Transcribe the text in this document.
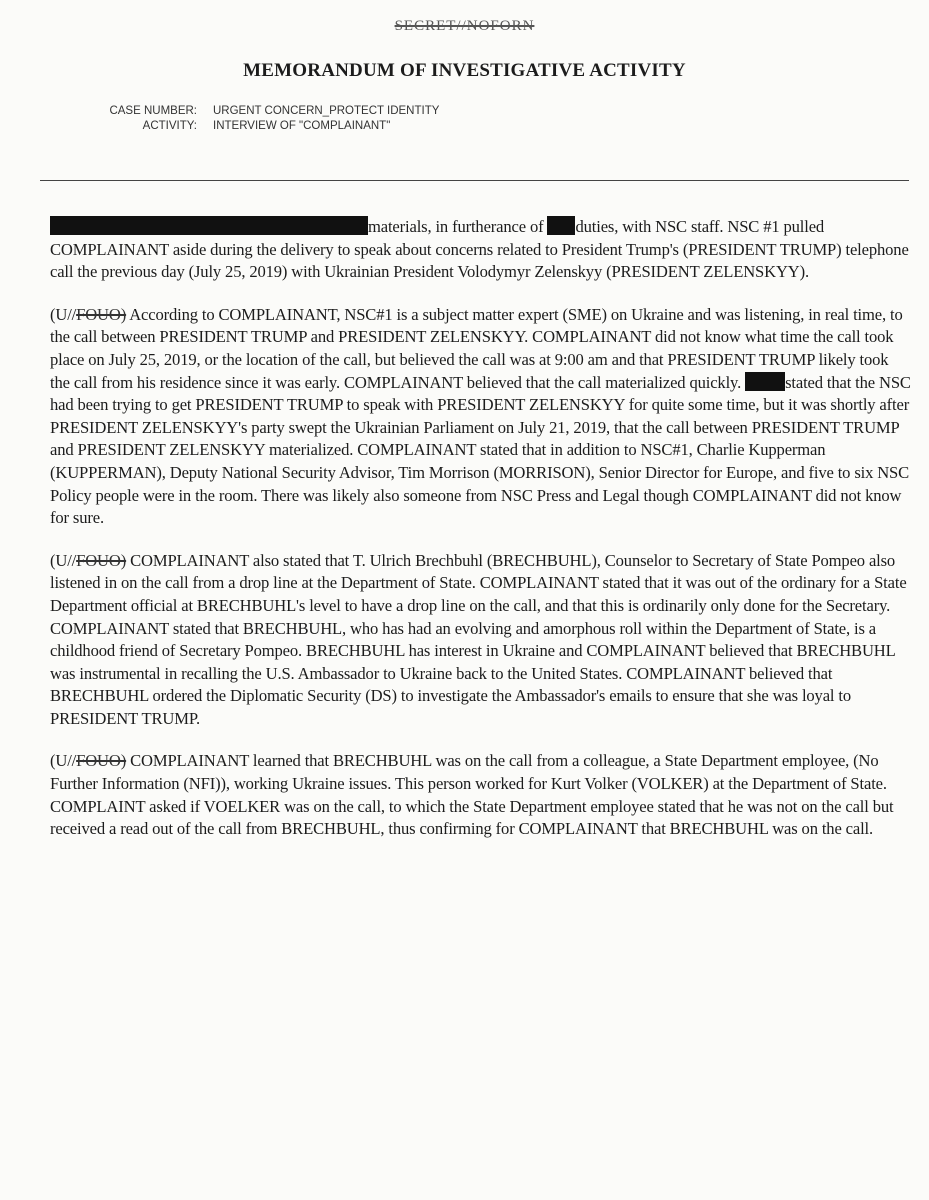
SECRET//NOFORN
MEMORANDUM OF INVESTIGATIVE ACTIVITY
CASE NUMBER:	URGENT CONCERN_PROTECT IDENTITY
ACTIVITY:	INTERVIEW OF "COMPLAINANT"

materials, in furtherance of duties, with NSC staff. NSC #1 pulled COMPLAINANT aside during the delivery to speak about concerns related to President Trump's (PRESIDENT TRUMP) telephone call the previous day (July 25, 2019) with Ukrainian President Volodymyr Zelenskyy (PRESIDENT ZELENSKYY).

(U//FOUO) According to COMPLAINANT, NSC#1 is a subject matter expert (SME) on Ukraine and was listening, in real time, to the call between PRESIDENT TRUMP and PRESIDENT ZELENSKYY. COMPLAINANT did not know what time the call took place on July 25, 2019, or the location of the call, but believed the call was at 9:00 am and that PRESIDENT TRUMP likely took the call from his residence since it was early. COMPLAINANT believed that the call materialized quickly.	stated that the NSC had been trying to get PRESIDENT TRUMP to speak with PRESIDENT ZELENSKYY for quite some time, but it was shortly after PRESIDENT ZELENSKYY's party swept the Ukrainian Parliament on July 21, 2019, that the call between PRESIDENT TRUMP and PRESIDENT ZELENSKYY materialized. COMPLAINANT stated that in addition to NSC#1, Charlie Kupperman (KUPPERMAN), Deputy National Security Advisor, Tim Morrison (MORRISON), Senior Director for Europe, and five to six NSC Policy people were in the room. There was likely also someone from NSC Press and Legal though COMPLAINANT did not know for sure.

(U//FOUO) COMPLAINANT also stated that T. Ulrich Brechbuhl (BRECHBUHL), Counselor to Secretary of State Pompeo also listened in on the call from a drop line at the Department of State. COMPLAINANT stated that it was out of the ordinary for a State Department official at BRECHBUHL's level to have a drop line on the call, and that this is ordinarily only done for the Secretary. COMPLAINANT stated that BRECHBUHL, who has had an evolving and amorphous roll within the Department of State, is a childhood friend of Secretary Pompeo. BRECHBUHL has interest in Ukraine and COMPLAINANT believed that BRECHBUHL was instrumental in recalling the U.S. Ambassador to Ukraine back to the United States. COMPLAINANT believed that BRECHBUHL ordered the Diplomatic Security (DS) to investigate the Ambassador's emails to ensure that she was loyal to PRESIDENT TRUMP.

(U//FOUO) COMPLAINANT learned that BRECHBUHL was on the call from a colleague, a State Department employee, (No Further Information (NFI)), working Ukraine issues. This person worked for Kurt Volker (VOLKER) at the Department of State. COMPLAINT asked if VOELKER was on the call, to which the State Department employee stated that he was not on the call but received a read out of the call from BRECHBUHL, thus confirming for COMPLAINANT that BRECHBUHL was on the call.
